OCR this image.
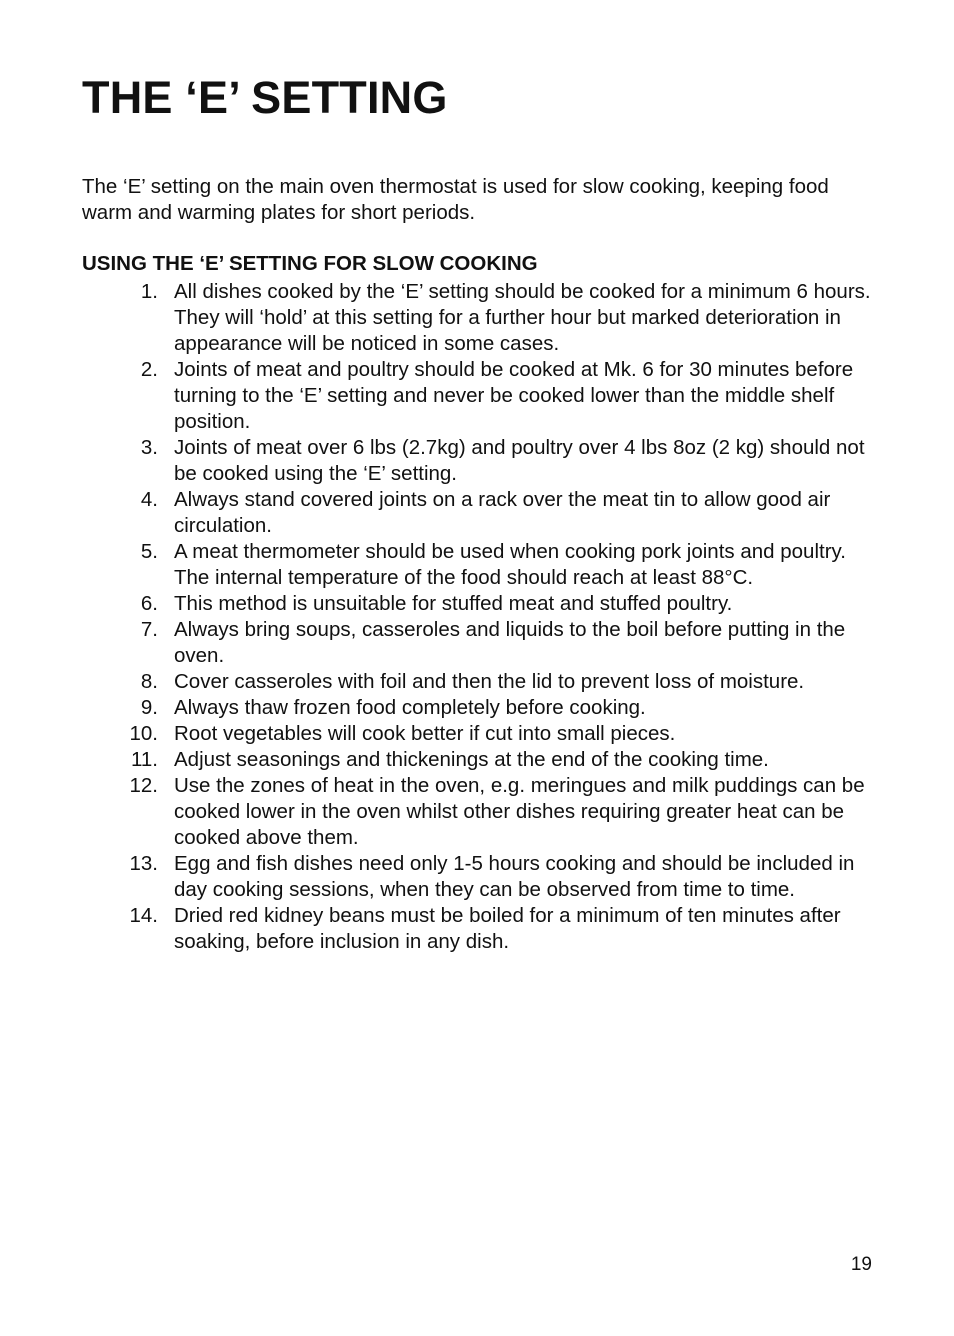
THE ‘E’ SETTING

The ‘E’ setting on the main oven thermostat is used for slow cooking, keeping food warm and warming plates for short periods.

USING THE ‘E’ SETTING FOR SLOW COOKING
1. All dishes cooked by the ‘E’ setting should be cooked for a minimum 6 hours. They will ‘hold’ at this setting for a further hour but marked deterioration in appearance will be noticed in some cases.
2. Joints of meat and poultry should be cooked at Mk. 6 for 30 minutes before turning to the ‘E’ setting and never be cooked lower than the middle shelf position.
3. Joints of meat over 6 lbs (2.7kg) and poultry over 4 lbs 8oz (2 kg) should not be cooked using the ‘E’ setting.
4. Always stand covered joints on a rack over the meat tin to allow good air circulation.
5. A meat thermometer should be used when cooking pork joints and poultry. The internal temperature of the food should reach at least 88°C.
6. This method is unsuitable for stuffed meat and stuffed poultry.
7. Always bring soups, casseroles and liquids to the boil before putting in the oven.
8. Cover casseroles with foil and then the lid to prevent loss of moisture.
9. Always thaw frozen food completely before cooking.
10. Root vegetables will cook better if cut into small pieces.
11. Adjust seasonings and thickenings at the end of the cooking time.
12. Use the zones of heat in the oven, e.g. meringues and milk puddings can be cooked lower in the oven whilst other dishes requiring greater heat can be cooked above them.
13. Egg and fish dishes need only 1-5 hours cooking and should be included in day cooking sessions, when they can be observed from time to time.
14. Dried red kidney beans must be boiled for a minimum of ten minutes after soaking, before inclusion in any dish.
19
